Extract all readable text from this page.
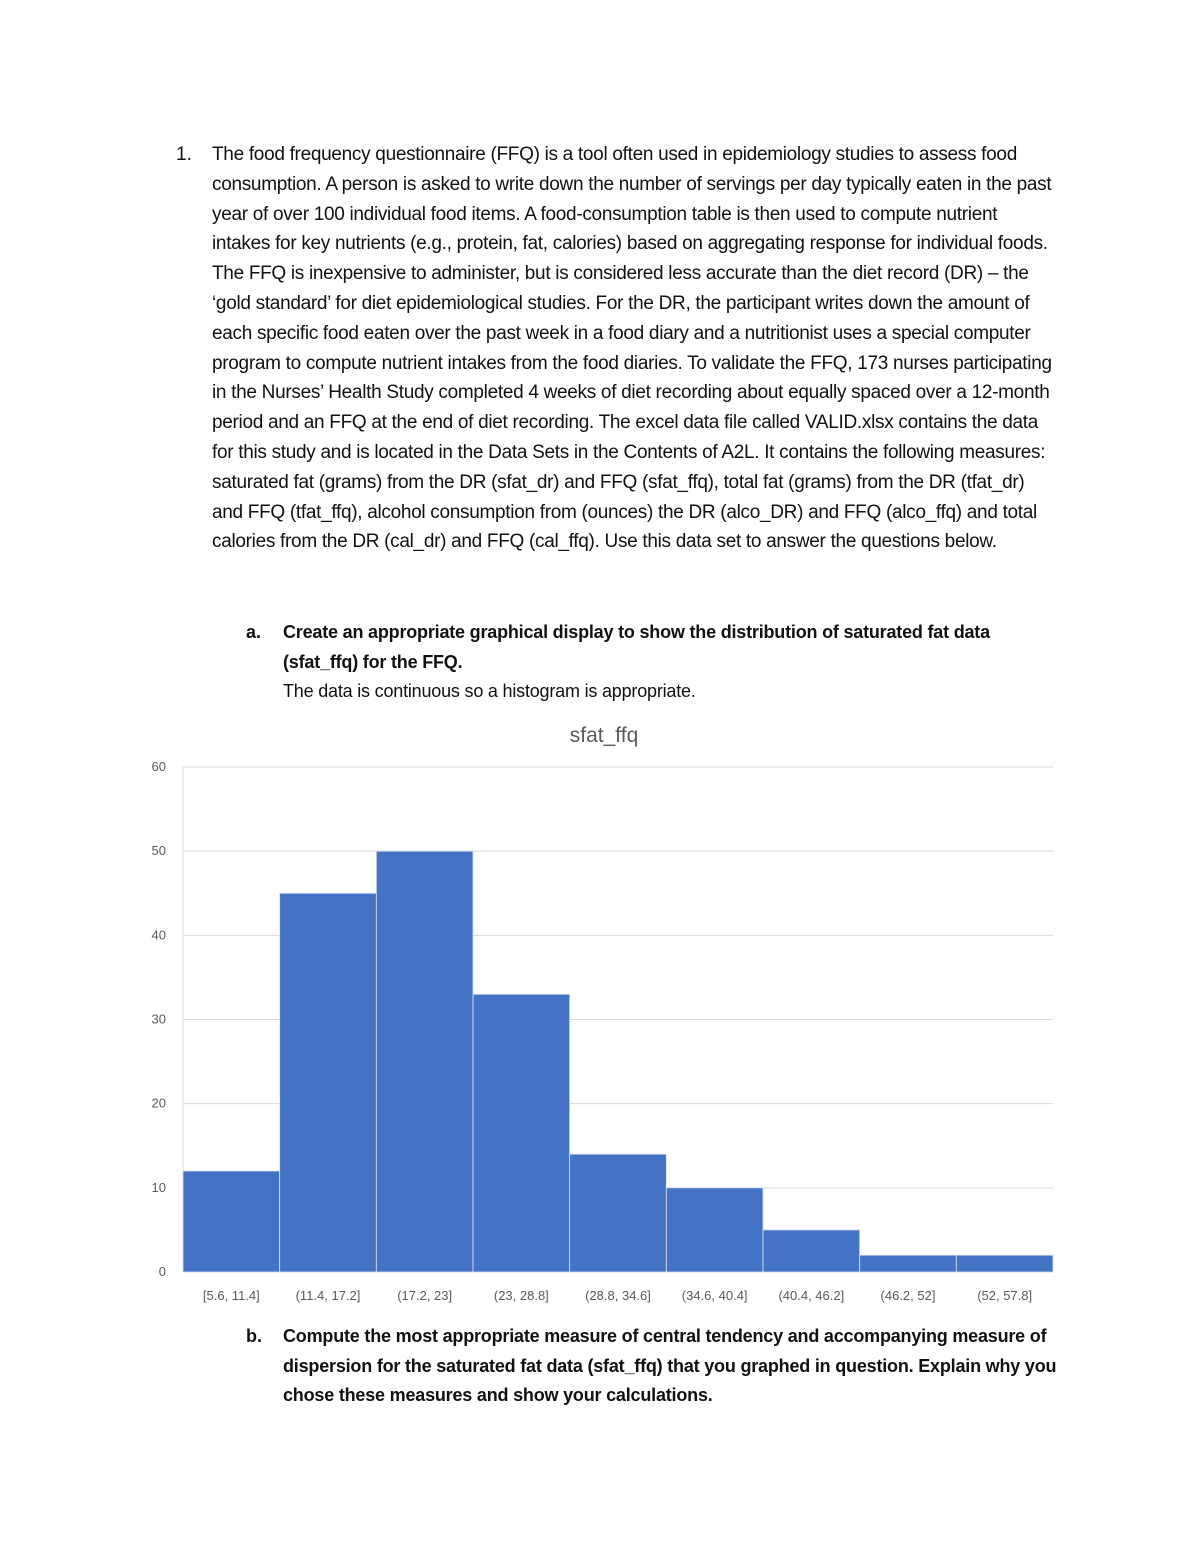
1. The food frequency questionnaire (FFQ) is a tool often used in epidemiology studies to assess food consumption. A person is asked to write down the number of servings per day typically eaten in the past year of over 100 individual food items. A food-consumption table is then used to compute nutrient intakes for key nutrients (e.g., protein, fat, calories) based on aggregating response for individual foods. The FFQ is inexpensive to administer, but is considered less accurate than the diet record (DR) – the ‘gold standard’ for diet epidemiological studies. For the DR, the participant writes down the amount of each specific food eaten over the past week in a food diary and a nutritionist uses a special computer program to compute nutrient intakes from the food diaries. To validate the FFQ, 173 nurses participating in the Nurses’ Health Study completed 4 weeks of diet recording about equally spaced over a 12-month period and an FFQ at the end of diet recording. The excel data file called VALID.xlsx contains the data for this study and is located in the Data Sets in the Contents of A2L. It contains the following measures: saturated fat (grams) from the DR (sfat_dr) and FFQ (sfat_ffq), total fat (grams) from the DR (tfat_dr) and FFQ (tfat_ffq), alcohol consumption from (ounces) the DR (alco_DR) and FFQ (alco_ffq) and total calories from the DR (cal_dr) and FFQ (cal_ffq). Use this data set to answer the questions below.
a. Create an appropriate graphical display to show the distribution of saturated fat data (sfat_ffq) for the FFQ.
The data is continuous so a histogram is appropriate.
sfat_ffq
0
10
20
30
40
50
60
[5.6, 11.4]	(11.4, 17.2]	(17.2, 23]	(23, 28.8]	(28.8, 34.6] (34.6, 40.4] (40.4, 46.2]	(46.2, 52]	(52, 57.8]
b. Compute the most appropriate measure of central tendency and accompanying measure of dispersion for the saturated fat data (sfat_ffq) that you graphed in question. Explain why you chose these measures and show your calculations.
